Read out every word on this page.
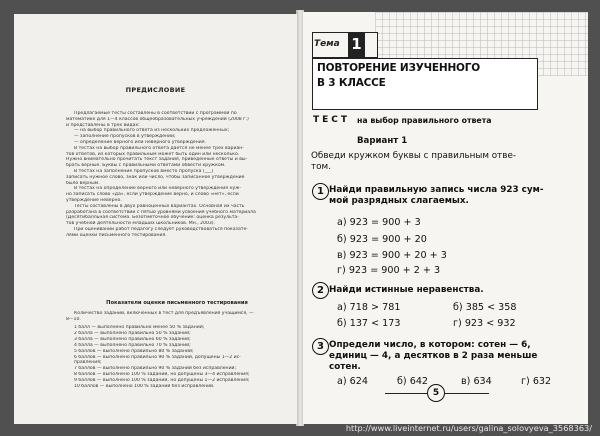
ПРЕДИСЛОВИЕ
Предлагаемые тесты составлены в соответствии с программой по
математике для 1—4 классов общеобразовательных учреждений (2008 г.)
и представлены в трех видах:
— на выбор правильного ответа из нескольких предложенных;
— заполнение пропусков в утверждении;
— определение верного или неверного утверждения.
В тестах на выбор правильного ответа дается не менее трех вариан-
тов ответов, из которых правильным может быть один или несколько.
Нужно внимательно прочитать текст задания, приведенные ответы и вы-
брать верные. Буквы с правильными ответами обвести кружком.
В тестах на заполнение пропусков вместо пропуска (___)
записать нужное слово, знак или число, чтобы записанное утверждение
было верным.
В тестах на определение верного или неверного утверждения нуж-
но записать слово «да», если утверждение верно, и слово «нет», если
утверждение неверно.
Тесты составлены в двух равноценных вариантах. Основная их часть
разработана в соответствии с пятью уровнями усвоения учебного материала
(Десятибалльная система. Безотметочное обучение: оценка результа-
тов учебной деятельности младших школьников. Мн., 2003).
При оценивании работ педагогу следует руководствоваться показате-
лями оценки письменного тестирования.
Показатели оценки письменного тестирования
Количество заданий, включенных в тест для предъявления учащимся, —
8—10.
1 балл — выполнено правильно менее 50 % заданий;
2 балла — выполнено правильно 50 % заданий;
3 балла — выполнено правильно 60 % заданий;
4 балла — выполнено правильно 70 % заданий;
5 баллов — выполнено правильно 80 % заданий;
6 баллов — выполнено правильно 90 % заданий, допущены 1—2 ис-
правления;
7 баллов — выполнено правильно 90 % заданий без исправлений;
8 баллов — выполнено 100 % заданий, но допущены 3—4 исправления;
9 баллов — выполнено 100 % заданий, но допущены 1—2 исправления;
10 баллов — выполнено 100 % заданий без исправлений.
Тема 1
ПОВТОРЕНИЕ ИЗУЧЕННОГО
В 3 КЛАССЕ
ТЕСТ на выбор правильного ответа
Вариант 1
Обведи кружком буквы с правильным отве-
том.
1 Найди правильную запись числа 923 сум-
мой разрядных слагаемых.
а) 923 = 900 + 3
б) 923 = 900 + 20
в) 923 = 900 + 20 + 3
г) 923 = 900 + 2 + 3
2 Найди истинные неравенства.
а) 718 > 781	б) 385 < 358
б) 137 < 173	г) 923 < 932
3 Определи число, в котором: сотен — 6,
единиц — 4, а десятков в 2 раза меньше
сотен.
а) 624	б) 642	в) 634	г) 632
5
http://www.liveinternet.ru/users/galina_solovyeva_3568363/
